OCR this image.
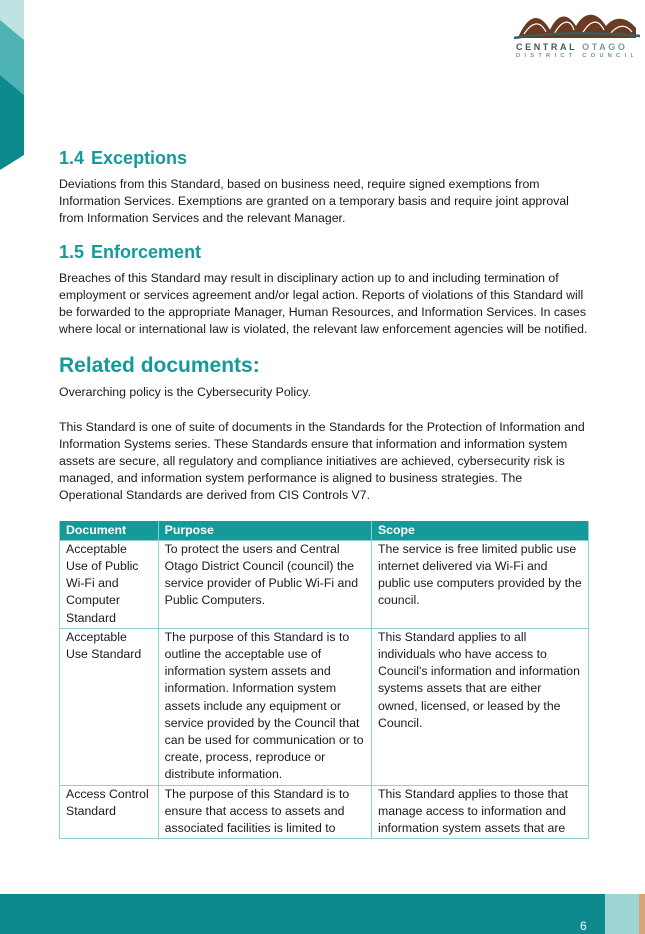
CENTRAL OTAGO
DISTRICT COUNCIL
1.4 Exceptions

Deviations from this Standard, based on business need, require signed exemptions from Information Services. Exemptions are granted on a temporary basis and require joint approval from Information Services and the relevant Manager.

1.5 Enforcement

Breaches of this Standard may result in disciplinary action up to and including termination of employment or services agreement and/or legal action. Reports of violations of this Standard will be forwarded to the appropriate Manager, Human Resources, and Information Services. In cases where local or international law is violated, the relevant law enforcement agencies will be notified.

Related documents:

Overarching policy is the Cybersecurity Policy.

This Standard is one of suite of documents in the Standards for the Protection of Information and Information Systems series. These Standards ensure that information and information system assets are secure, all regulatory and compliance initiatives are achieved, cybersecurity risk is managed, and information system performance is aligned to business strategies. The Operational Standards are derived from CIS Controls V7.

Document	Purpose	Scope
Acceptable Use of Public Wi-Fi and Computer Standard	To protect the users and Central Otago District Council (council) the service provider of Public Wi-Fi and Public Computers.	The service is free limited public use internet delivered via Wi-Fi and public use computers provided by the council.
Acceptable Use Standard	The purpose of this Standard is to outline the acceptable use of information system assets and information. Information system assets include any equipment or service provided by the Council that can be used for communication or to create, process, reproduce or distribute information.	This Standard applies to all individuals who have access to Council's information and information systems assets that are either owned, licensed, or leased by the Council.
Access Control Standard	The purpose of this Standard is to ensure that access to assets and associated facilities is limited to	This Standard applies to those that manage access to information and information system assets that are
6
